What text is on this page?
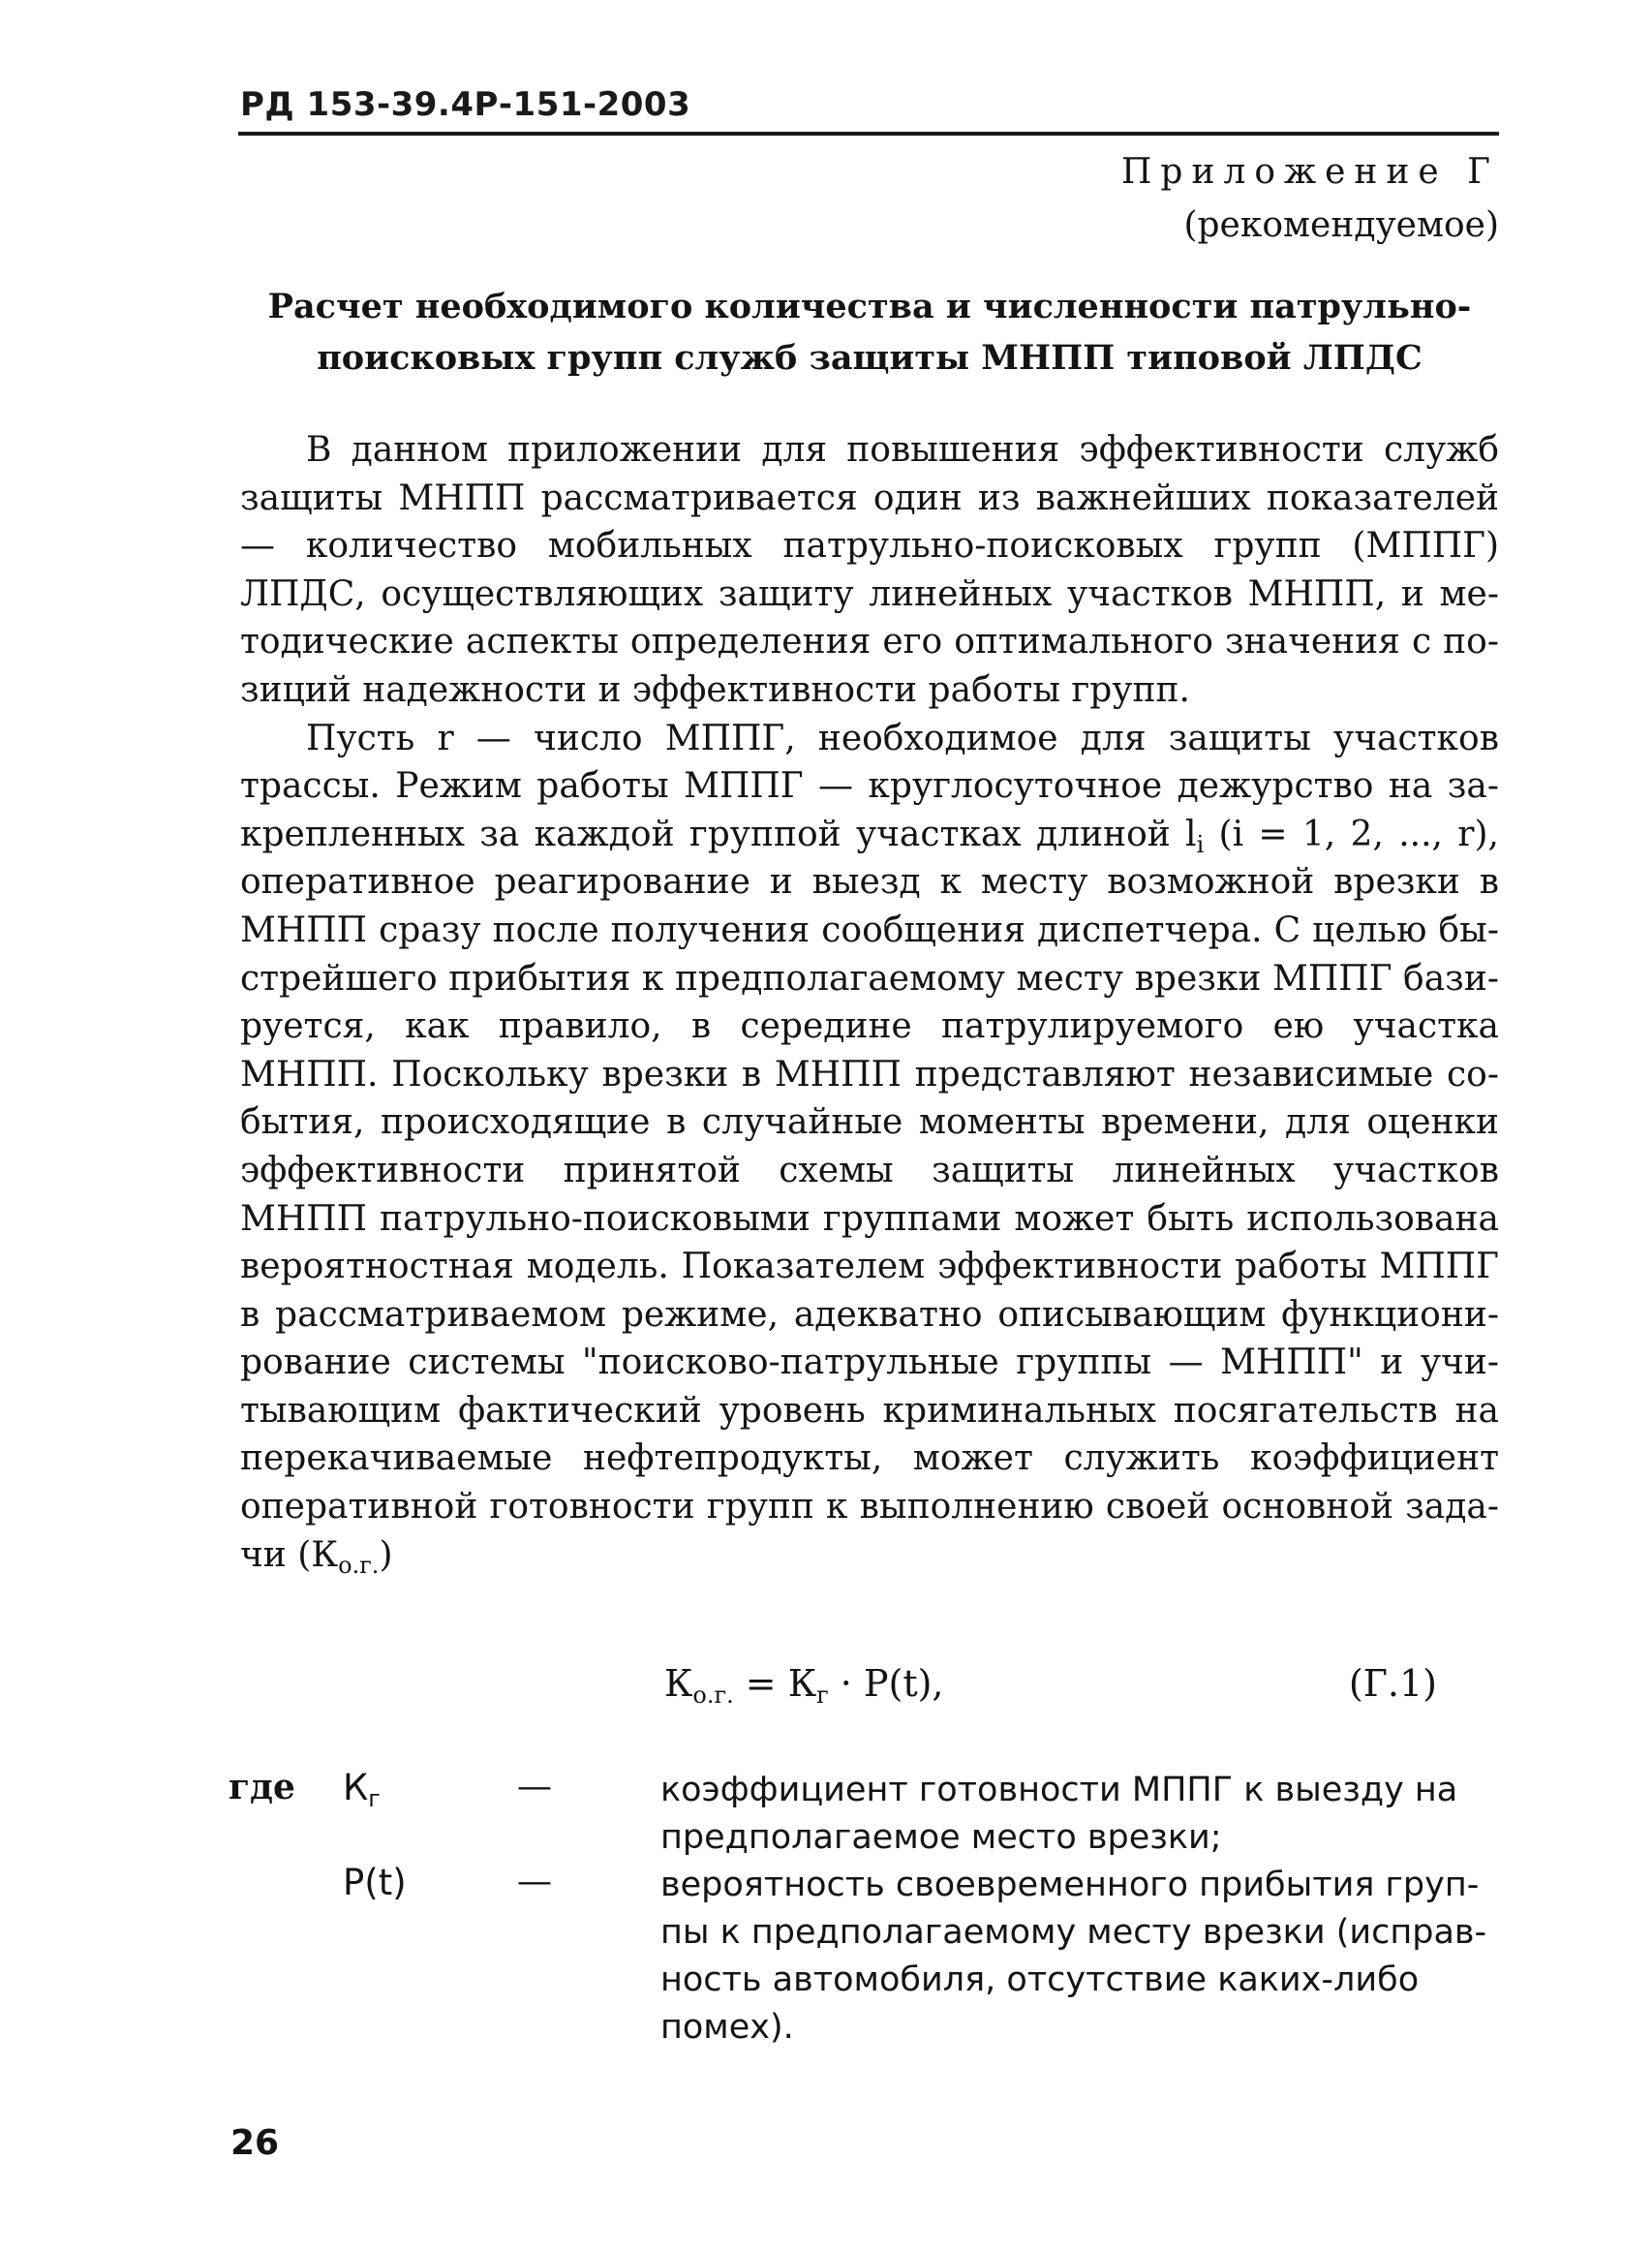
РД 153-39.4Р-151-2003
Приложение Г
(рекомендуемое)
Расчет необходимого количества и численности патрульно-
поисковых групп служб защиты МНПП типовой ЛПДС

В данном приложении для повышения эффективности служб защиты МНПП рассматривается один из важнейших показателей — количество мобильных патрульно-поисковых групп (МППГ) ЛПДС, осуществляющих защиту линейных участков МНПП, и методические аспекты определения его оптимального значения с позиций надежности и эффективности работы групп.

Пусть r — число МППГ, необходимое для защиты участков трассы. Режим работы МППГ — круглосуточное дежурство на закрепленных за каждой группой участках длиной $l_i$ (i = 1, 2, ..., r), оперативное реагирование и выезд к месту возможной врезки в МНПП сразу после получения сообщения диспетчера. С целью быстрейшего прибытия к предполагаемому месту врезки МППГ базируется, как правило, в середине патрулируемого ею участка МНПП. Поскольку врезки в МНПП представляют независимые события, происходящие в случайные моменты времени, для оценки эффективности принятой схемы защиты линейных участков МНПП патрульно-поисковыми группами может быть использована вероятностная модель. Показателем эффективности работы МППГ в рассматриваемом режиме, адекватно описывающим функционирование системы "поисково-патрульные группы — МНПП" и учитывающим фактический уровень криминальных посягательств на перекачиваемые нефтепродукты, может служить коэффициент оперативной готовности групп к выполнению своей основной задачи $(К_{о.г.})$

$К_{о.г.} = К_г \cdot P(t)$,	(Г.1)
где $К_г$	—	коэффициент готовности МППГ к выезду на предполагаемое место врезки;
P(t)	—	вероятность своевременного прибытия группы к предполагаемому месту врезки (исправность автомобиля, отсутствие каких-либо помех).
26
